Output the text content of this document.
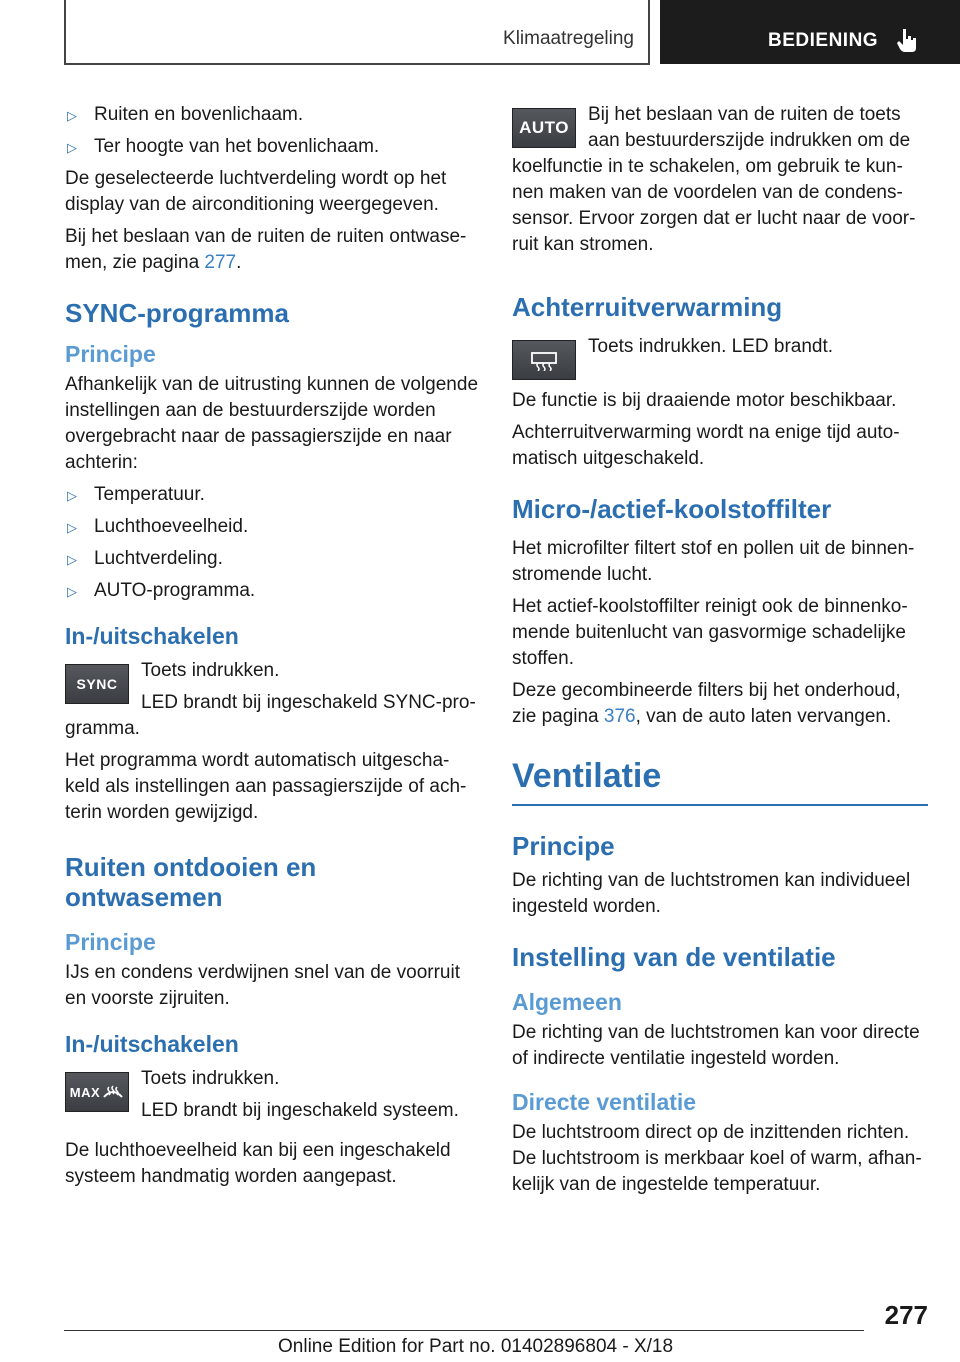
Klimaatregeling	BEDIENING
▷ Ruiten en bovenlichaam.
▷ Ter hoogte van het bovenlichaam.

De geselecteerde luchtverdeling wordt op het display van de airconditioning weergegeven.

Bij het beslaan van de ruiten de ruiten ontwase‐men, zie pagina 277.

SYNC-programma
Principe

Afhankelijk van de uitrusting kunnen de volgende instellingen aan de bestuurderszijde worden overgebracht naar de passagierszijde en naar achterin:

▷ Temperatuur.
▷ Luchthoeveelheid.
▷ Luchtverdeling.
▷ AUTO-programma.
In-/uitschakelen
SYNC

Toets indrukken.

LED brandt bij ingeschakeld SYNC-pro‐gramma.

Het programma wordt automatisch uitgescha‐keld als instellingen aan passagierszijde of ach‐terin worden gewijzigd.

Ruiten ontdooien en ontwasemen
Principe

IJs en condens verdwijnen snel van de voorruit en voorste zijruiten.

In-/uitschakelen
MAX

Toets indrukken.

LED brandt bij ingeschakeld systeem.

De luchthoeveelheid kan bij een ingeschakeld systeem handmatig worden aangepast.

AUTO

Bij het beslaan van de ruiten de toets aan bestuurderszijde indrukken om de koelfunctie in te schakelen, om gebruik te kun‐nen maken van de voordelen van de condens‐sensor. Ervoor zorgen dat er lucht naar de voor‐ruit kan stromen.

Achterruitverwarming

Toets indrukken. LED brandt.

De functie is bij draaiende motor beschikbaar.

Achterruitverwarming wordt na enige tijd auto‐matisch uitgeschakeld.

Micro-/actief-koolstoffilter

Het microfilter filtert stof en pollen uit de binnen‐stromende lucht.

Het actief-koolstoffilter reinigt ook de binnenko‐mende buitenlucht van gasvormige schadelijke stoffen.

Deze gecombineerde filters bij het onderhoud, zie pagina 376, van de auto laten vervangen.

Ventilatie
Principe

De richting van de luchtstromen kan individueel ingesteld worden.

Instelling van de ventilatie
Algemeen

De richting van de luchtstromen kan voor directe of indirecte ventilatie ingesteld worden.

Directe ventilatie

De luchtstroom direct op de inzittenden richten. De luchtstroom is merkbaar koel of warm, afhan‐kelijk van de ingestelde temperatuur.

277
Online Edition for Part no. 01402896804 - X/18
